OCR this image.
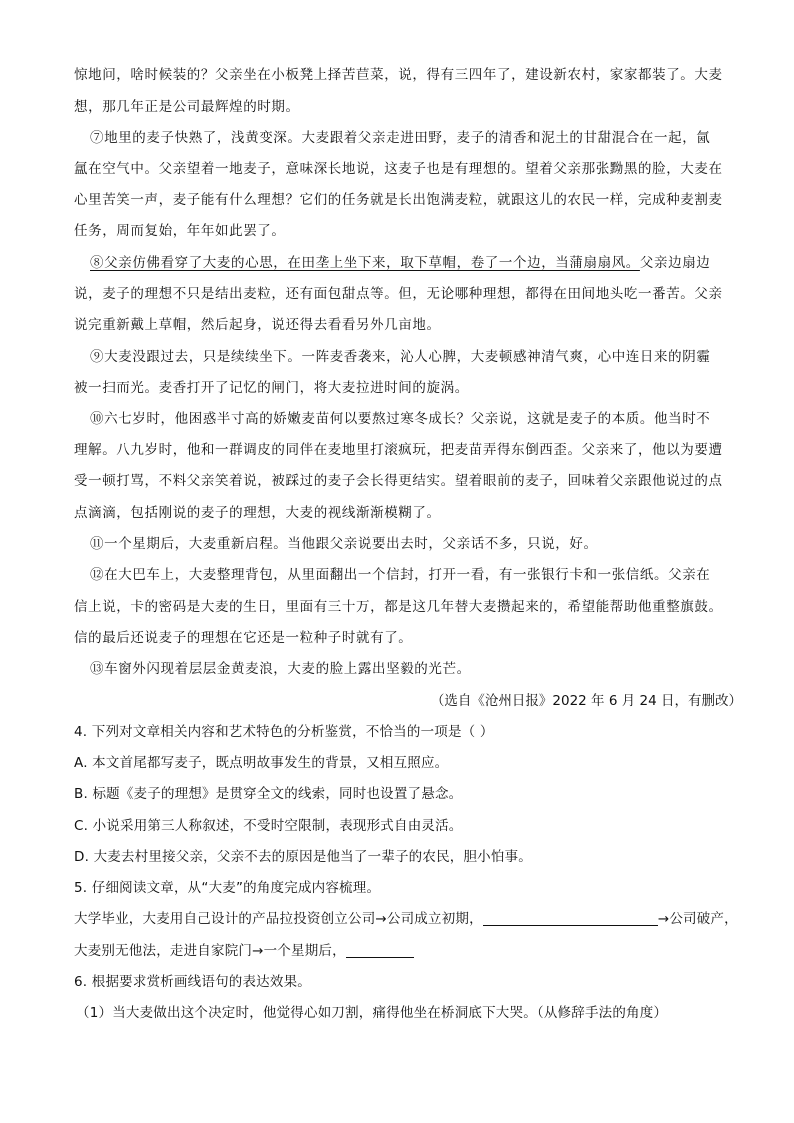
惊地问，啥时候装的？父亲坐在小板凳上择苦苣菜，说，得有三四年了，建设新农村，家家都装了。大麦
想，那几年正是公司最辉煌的时期。
⑦地里的麦子快熟了，浅黄变深。大麦跟着父亲走进田野，麦子的清香和泥土的甘甜混合在一起，氤
氲在空气中。父亲望着一地麦子，意味深长地说，这麦子也是有理想的。望着父亲那张黝黑的脸，大麦在
心里苦笑一声，麦子能有什么理想？它们的任务就是长出饱满麦粒，就跟这儿的农民一样，完成种麦割麦
任务，周而复始，年年如此罢了。
⑧父亲仿佛看穿了大麦的心思，在田垄上坐下来，取下草帽，卷了一个边，当蒲扇扇风。父亲边扇边
说，麦子的理想不只是结出麦粒，还有面包甜点等。但，无论哪种理想，都得在田间地头吃一番苦。父亲
说完重新戴上草帽，然后起身，说还得去看看另外几亩地。
⑨大麦没跟过去，只是续续坐下。一阵麦香袭来，沁人心脾，大麦顿感神清气爽，心中连日来的阴霾
被一扫而光。麦香打开了记忆的闸门，将大麦拉进时间的旋涡。
⑩六七岁时，他困惑半寸高的娇嫩麦苗何以要熬过寒冬成长？父亲说，这就是麦子的本质。他当时不
理解。八九岁时，他和一群调皮的同伴在麦地里打滚疯玩，把麦苗弄得东倒西歪。父亲来了，他以为要遭
受一顿打骂，不料父亲笑着说，被踩过的麦子会长得更结实。望着眼前的麦子，回味着父亲跟他说过的点
点滴滴，包括刚说的麦子的理想，大麦的视线渐渐模糊了。
⑪一个星期后，大麦重新启程。当他跟父亲说要出去时，父亲话不多，只说，好。
⑫在大巴车上，大麦整理背包，从里面翻出一个信封，打开一看，有一张银行卡和一张信纸。父亲在
信上说，卡的密码是大麦的生日，里面有三十万，都是这几年替大麦攒起来的，希望能帮助他重整旗鼓。
信的最后还说麦子的理想在它还是一粒种子时就有了。
⑬车窗外闪现着层层金黄麦浪，大麦的脸上露出坚毅的光芒。
（选自《沧州日报》2022 年 6 月 24 日，有删改）
4. 下列对文章相关内容和艺术特色的分析鉴赏，不恰当的一项是（ ）
A. 本文首尾都写麦子，既点明故事发生的背景，又相互照应。
B. 标题《麦子的理想》是贯穿全文的线索，同时也设置了悬念。
C. 小说采用第三人称叙述，不受时空限制，表现形式自由灵活。
D. 大麦去村里接父亲，父亲不去的原因是他当了一辈子的农民，胆小怕事。
5. 仔细阅读文章，从“大麦”的角度完成内容梳理。
大学毕业，大麦用自己设计的产品拉投资创立公司→公司成立初期，	→公司破产，
大麦别无他法，走进自家院门→一个星期后，
6. 根据要求赏析画线语句的表达效果。
（1）当大麦做出这个决定时，他觉得心如刀割，痛得他坐在桥洞底下大哭。（从修辞手法的角度）
